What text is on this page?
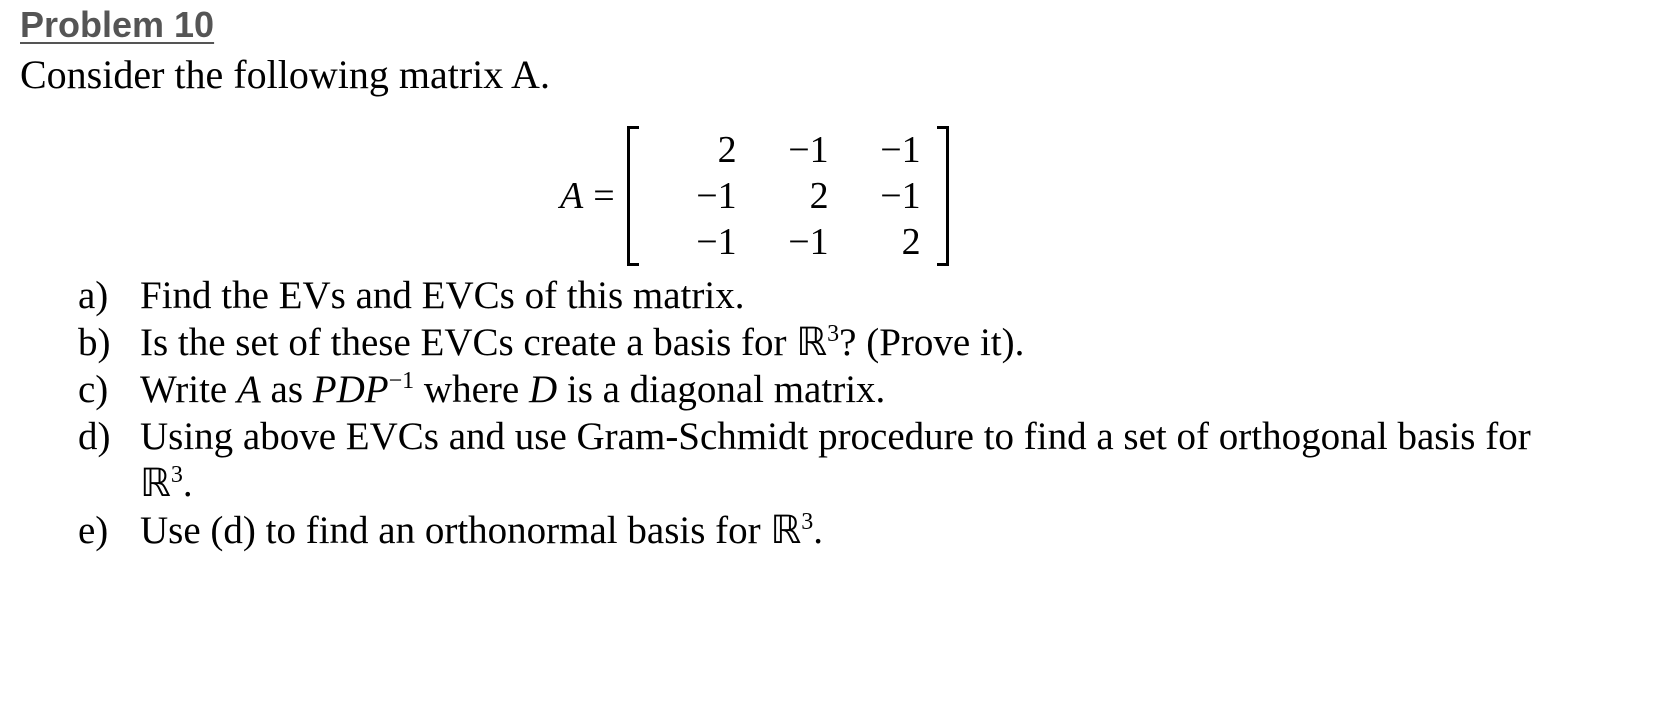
Problem 10

Consider the following matrix A.

A =
2	−1	−1
−1	2	−1
−1	−1	2
a) Find the EVs and EVCs of this matrix.
b) Is the set of these EVCs create a basis for ℝ$^3$? (Prove it).
c) Write A as $PDP^{-1}$ where D is a diagonal matrix.
d) Using above EVCs and use Gram-Schmidt procedure to find a set of orthogonal basis for ℝ$^3$.
e) Use (d) to find an orthonormal basis for ℝ$^3$.
